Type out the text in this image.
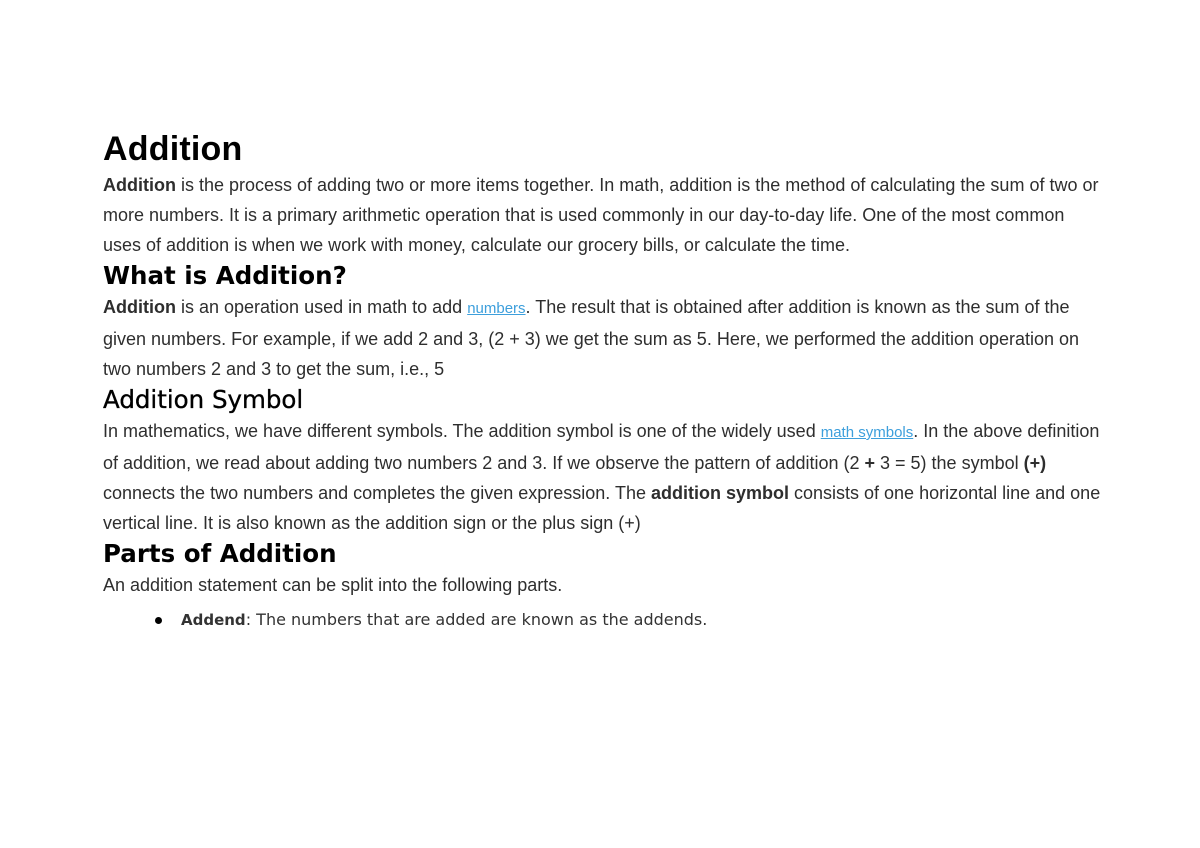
Addition

Addition is the process of adding two or more items together. In math, addition is the method of calculating the sum of two or more numbers. It is a primary arithmetic operation that is used commonly in our day-to-day life. One of the most common uses of addition is when we work with money, calculate our grocery bills, or calculate the time.

What is Addition?

Addition is an operation used in math to add numbers. The result that is obtained after addition is known as the sum of the given numbers. For example, if we add 2 and 3, (2 + 3) we get the sum as 5. Here, we performed the addition operation on two numbers 2 and 3 to get the sum, i.e., 5

Addition Symbol

In mathematics, we have different symbols. The addition symbol is one of the widely used math symbols. In the above definition of addition, we read about adding two numbers 2 and 3. If we observe the pattern of addition (2 + 3 = 5) the symbol (+) connects the two numbers and completes the given expression. The addition symbol consists of one horizontal line and one vertical line. It is also known as the addition sign or the plus sign (+)

Parts of Addition

An addition statement can be split into the following parts.

Addend: The numbers that are added are known as the addends.
